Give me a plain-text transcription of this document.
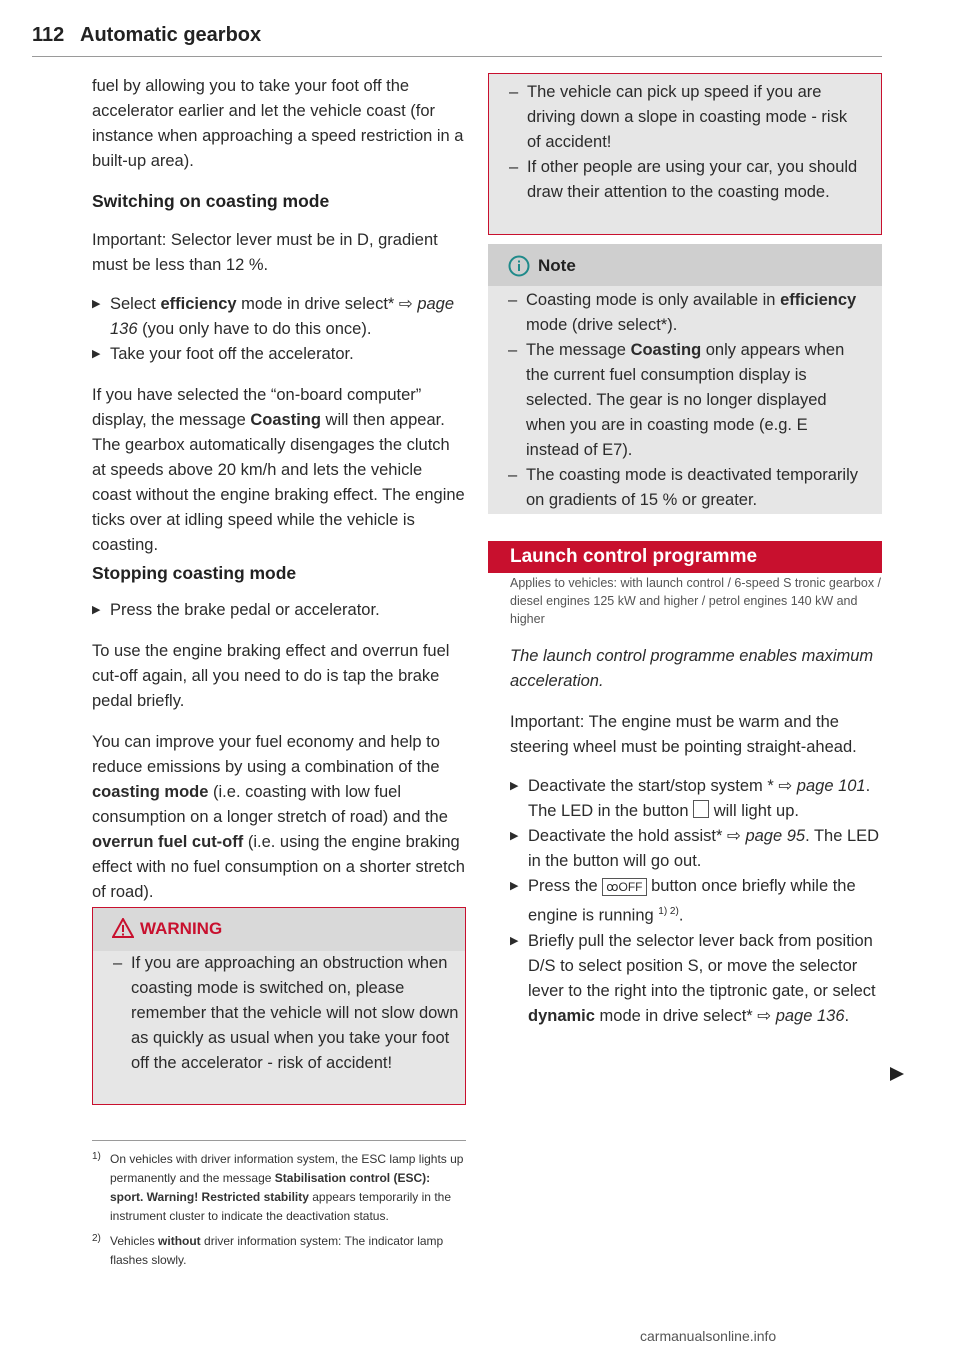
112 Automatic gearbox

fuel by allowing you to take your foot off the accelerator earlier and let the vehicle coast (for instance when approaching a speed restriction in a built-up area).

Switching on coasting mode

Important: Selector lever must be in D, gradient must be less than 12 %.

▶ Select efficiency mode in drive select* ⇨ page 136 (you only have to do this once).
▶ Take your foot off the accelerator.

If you have selected the “on-board computer” display, the message Coasting will then appear. The gearbox automatically disengages the clutch at speeds above 20 km/h and lets the vehicle coast without the engine braking effect. The engine ticks over at idling speed while the vehicle is coasting.

Stopping coasting mode

▶ Press the brake pedal or accelerator.

To use the engine braking effect and overrun fuel cut-off again, all you need to do is tap the brake pedal briefly.

You can improve your fuel economy and help to reduce emissions by using a combination of the coasting mode (i.e. coasting with low fuel consumption on a longer stretch of road) and the overrun fuel cut-off (i.e. using the engine braking effect with no fuel consumption on a shorter stretch of road).

WARNING
– If you are approaching an obstruction when coasting mode is switched on, please remember that the vehicle will not slow down as quickly as usual when you take your foot off the accelerator - risk of accident!
1) On vehicles with driver information system, the ESC lamp lights up permanently and the message Stabilisation control (ESC): sport. Warning! Restricted stability appears temporarily in the instrument cluster to indicate the deactivation status.
2) Vehicles without driver information system: The indicator lamp flashes slowly.
– The vehicle can pick up speed if you are driving down a slope in coasting mode - risk of accident!
– If other people are using your car, you should draw their attention to the coasting mode.
Note
– Coasting mode is only available in efficiency mode (drive select*).
– The message Coasting only appears when the current fuel consumption display is selected. The gear is no longer displayed when you are in coasting mode (e.g. E instead of E7).
– The coasting mode is deactivated temporarily on gradients of 15 % or greater.
Launch control programme

Applies to vehicles: with launch control / 6-speed S tronic gearbox / diesel engines 125 kW and higher / petrol engines 140 kW and higher

The launch control programme enables maximum acceleration.

Important: The engine must be warm and the steering wheel must be pointing straight-ahead.

▶ Deactivate the start/stop system * ⇨ page 101. The LED in the button  will light up.
▶ Deactivate the hold assist* ⇨ page 95. The LED in the button will go out.
▶ Press the ꝏOFF button once briefly while the engine is running $^{1) 2)}$.
▶ Briefly pull the selector lever back from position D/S to select position S, or move the selector lever to the right into the tiptronic gate, or select dynamic mode in drive select* ⇨ page 136.
carmanualsonline.info
